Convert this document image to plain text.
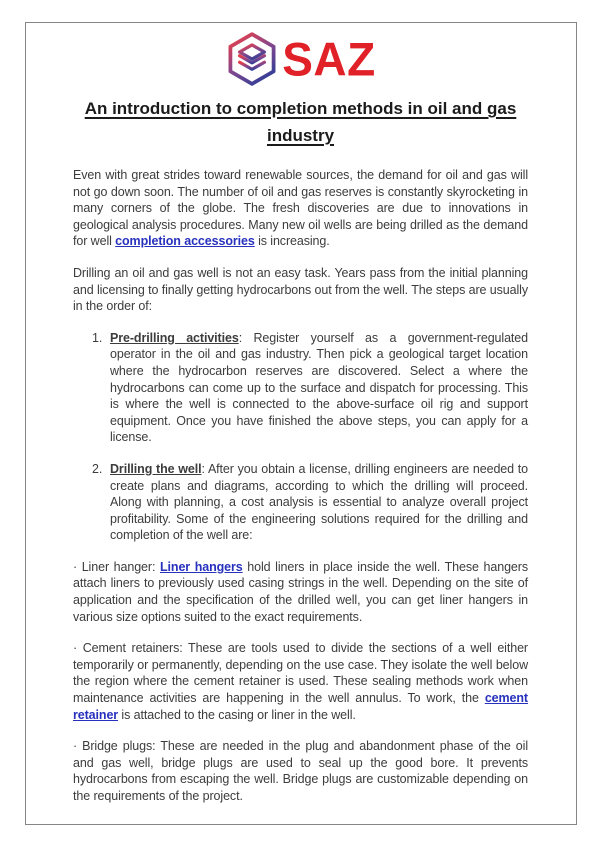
SAZ
An introduction to completion methods in oil and gas industry

Even with great strides toward renewable sources, the demand for oil and gas will not go down soon. The number of oil and gas reserves is constantly skyrocketing in many corners of the globe. The fresh discoveries are due to innovations in geological analysis procedures. Many new oil wells are being drilled as the demand for well completion accessories is increasing.

Drilling an oil and gas well is not an easy task. Years pass from the initial planning and licensing to finally getting hydrocarbons out from the well. The steps are usually in the order of:

1. Pre-drilling activities: Register yourself as a government-regulated operator in the oil and gas industry. Then pick a geological target location where the hydrocarbon reserves are discovered. Select a where the hydrocarbons can come up to the surface and dispatch for processing. This is where the well is connected to the above-surface oil rig and support equipment. Once you have finished the above steps, you can apply for a license.
2. Drilling the well: After you obtain a license, drilling engineers are needed to create plans and diagrams, according to which the drilling will proceed. Along with planning, a cost analysis is essential to analyze overall project profitability. Some of the engineering solutions required for the drilling and completion of the well are:

· Liner hanger: Liner hangers hold liners in place inside the well. These hangers attach liners to previously used casing strings in the well. Depending on the site of application and the specification of the drilled well, you can get liner hangers in various size options suited to the exact requirements.

· Cement retainers: These are tools used to divide the sections of a well either temporarily or permanently, depending on the use case. They isolate the well below the region where the cement retainer is used. These sealing methods work when maintenance activities are happening in the well annulus. To work, the cement retainer is attached to the casing or liner in the well.

· Bridge plugs: These are needed in the plug and abandonment phase of the oil and gas well, bridge plugs are used to seal up the good bore. It prevents hydrocarbons from escaping the well. Bridge plugs are customizable depending on the requirements of the project.
